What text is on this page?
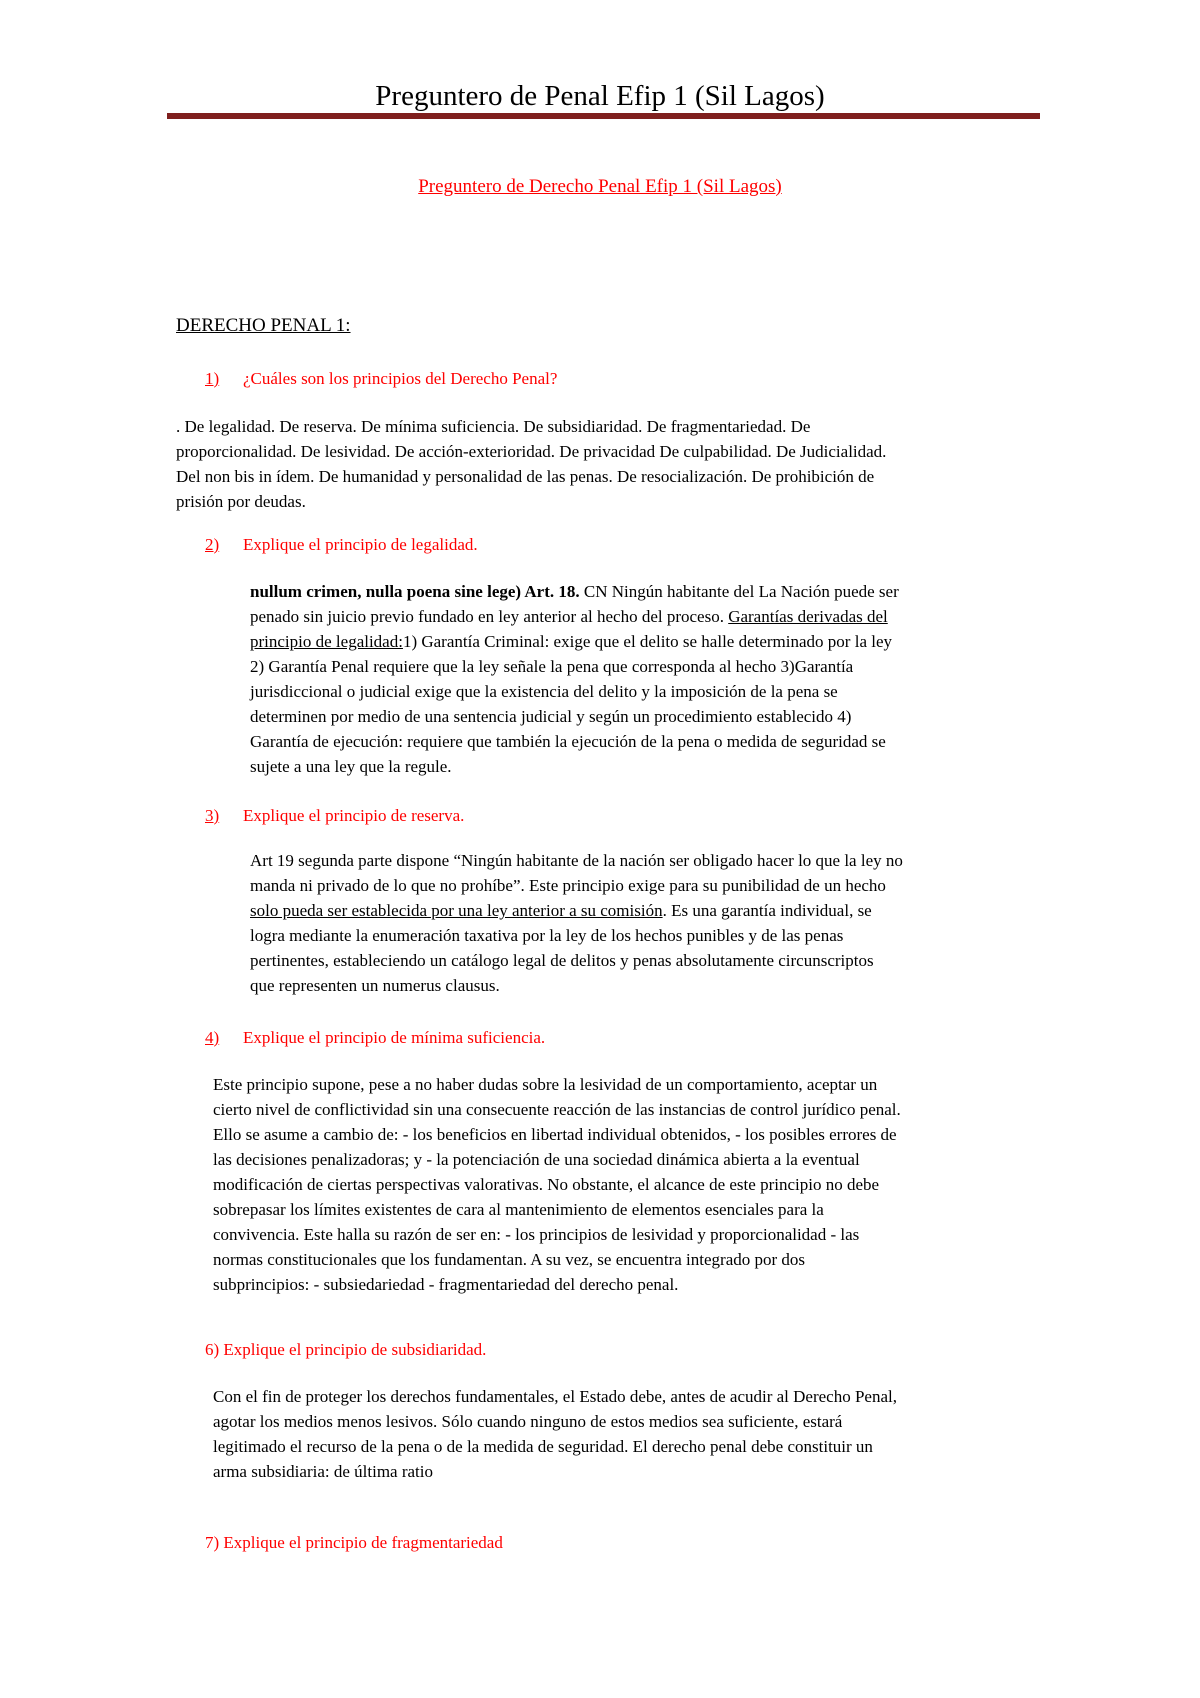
Preguntero de Penal Efip 1 (Sil Lagos)
Preguntero de Derecho Penal Efip 1 (Sil Lagos)
DERECHO PENAL 1:
1) ¿Cuáles son los principios del Derecho Penal?

. De legalidad. De reserva. De mínima suficiencia. De subsidiaridad. De fragmentariedad. De

proporcionalidad. De lesividad. De acción-exterioridad. De privacidad De culpabilidad. De Judicialidad.

Del non bis in ídem. De humanidad y personalidad de las penas. De resocialización. De prohibición de

prisión por deudas.

2) Explique el principio de legalidad.

nullum crimen, nulla poena sine lege) Art. 18. CN Ningún habitante del La Nación puede ser

penado sin juicio previo fundado en ley anterior al hecho del proceso. Garantías derivadas del

principio de legalidad:1) Garantía Criminal: exige que el delito se halle determinado por la ley

2) Garantía Penal requiere que la ley señale la pena que corresponda al hecho 3)Garantía

jurisdiccional o judicial exige que la existencia del delito y la imposición de la pena se

determinen por medio de una sentencia judicial y según un procedimiento establecido 4)

Garantía de ejecución: requiere que también la ejecución de la pena o medida de seguridad se

sujete a una ley que la regule.

3) Explique el principio de reserva.

Art 19 segunda parte dispone “Ningún habitante de la nación ser obligado hacer lo que la ley no

manda ni privado de lo que no prohíbe”. Este principio exige para su punibilidad de un hecho

solo pueda ser establecida por una ley anterior a su comisión. Es una garantía individual, se

logra mediante la enumeración taxativa por la ley de los hechos punibles y de las penas

pertinentes, estableciendo un catálogo legal de delitos y penas absolutamente circunscriptos

que representen un numerus clausus.

4) Explique el principio de mínima suficiencia.

Este principio supone, pese a no haber dudas sobre la lesividad de un comportamiento, aceptar un

cierto nivel de conflictividad sin una consecuente reacción de las instancias de control jurídico penal.

Ello se asume a cambio de: - los beneficios en libertad individual obtenidos, - los posibles errores de

las decisiones penalizadoras; y - la potenciación de una sociedad dinámica abierta a la eventual

modificación de ciertas perspectivas valorativas. No obstante, el alcance de este principio no debe

sobrepasar los límites existentes de cara al mantenimiento de elementos esenciales para la

convivencia. Este halla su razón de ser en: - los principios de lesividad y proporcionalidad - las

normas constitucionales que los fundamentan. A su vez, se encuentra integrado por dos

subprincipios: - subsiedariedad - fragmentariedad del derecho penal.

6) Explique el principio de subsidiaridad.

Con el fin de proteger los derechos fundamentales, el Estado debe, antes de acudir al Derecho Penal,

agotar los medios menos lesivos. Sólo cuando ninguno de estos medios sea suficiente, estará

legitimado el recurso de la pena o de la medida de seguridad. El derecho penal debe constituir un

arma subsidiaria: de última ratio

7) Explique el principio de fragmentariedad
